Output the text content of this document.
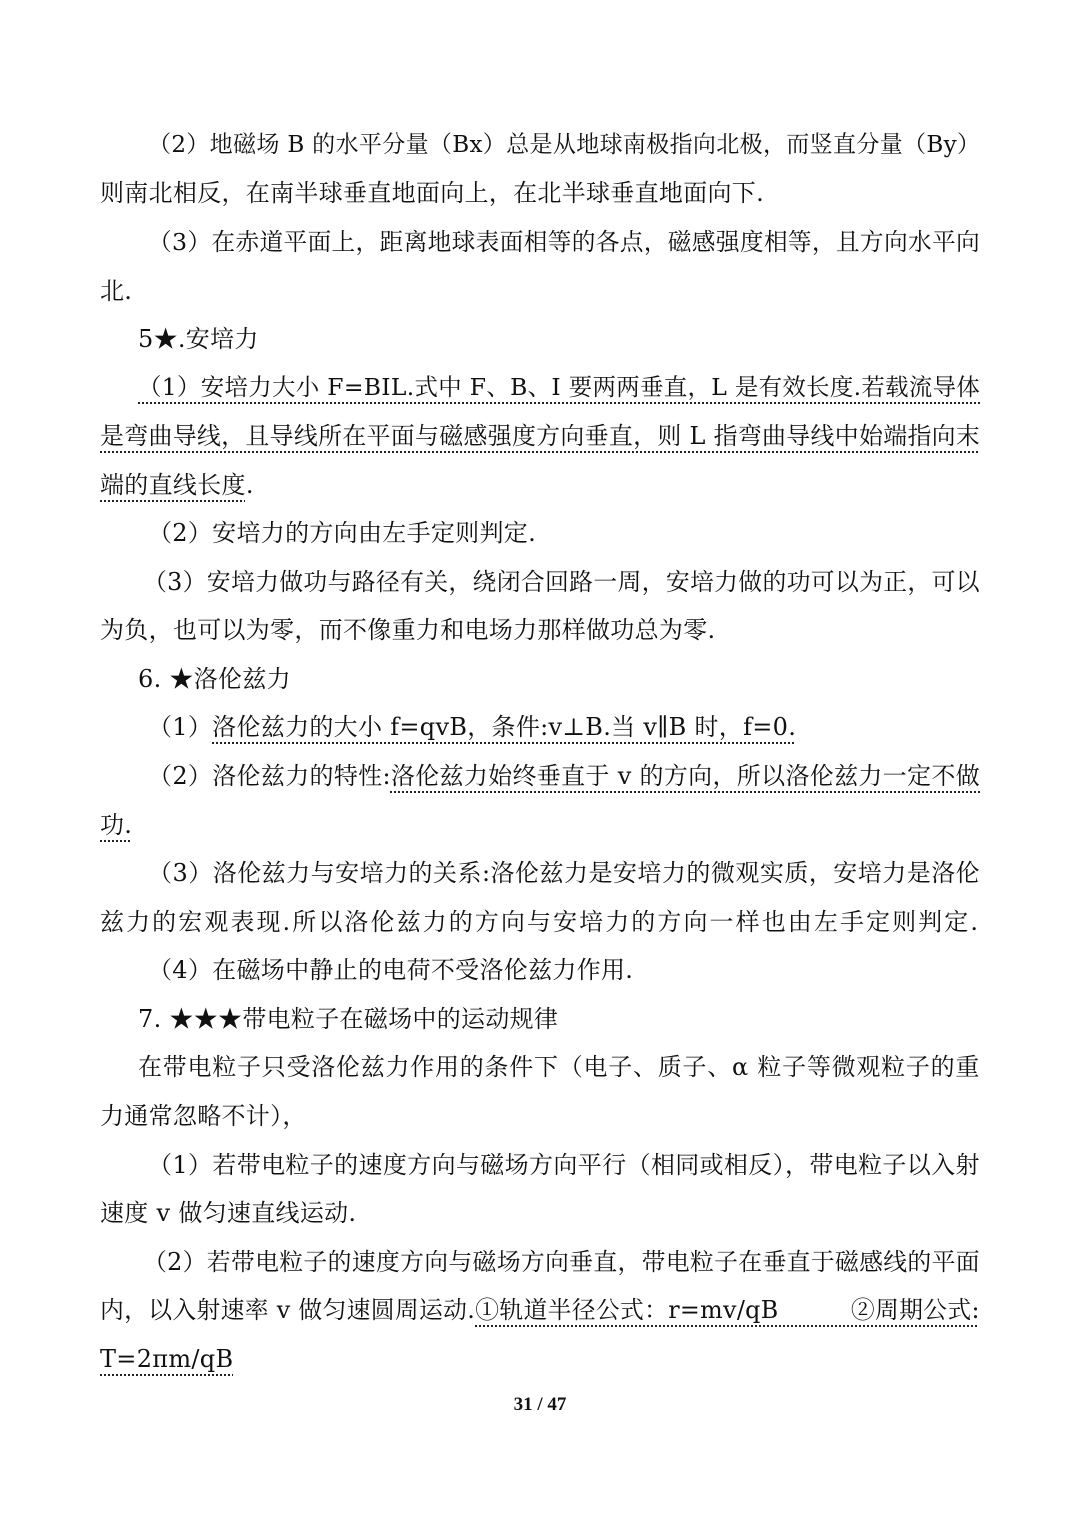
（2）地磁场 B 的水平分量（Bx）总是从地球南极指向北极，而竖直分量（By）
则南北相反，在南半球垂直地面向上，在北半球垂直地面向下.
（3）在赤道平面上，距离地球表面相等的各点，磁感强度相等，且方向水平向
北.
5★.安培力
（1）安培力大小 F=BIL.式中 F、B、I 要两两垂直，L 是有效长度.若载流导体
是弯曲导线，且导线所在平面与磁感强度方向垂直，则 L 指弯曲导线中始端指向末
端的直线长度.
（2）安培力的方向由左手定则判定.
（3）安培力做功与路径有关，绕闭合回路一周，安培力做的功可以为正，可以
为负，也可以为零，而不像重力和电场力那样做功总为零.
6. ★洛伦兹力
（1）洛伦兹力的大小 f=qvB，条件:v⊥B.当 v∥B 时，f=0.
（2）洛伦兹力的特性:洛伦兹力始终垂直于 v 的方向，所以洛伦兹力一定不做
功.
（3）洛伦兹力与安培力的关系:洛伦兹力是安培力的微观实质，安培力是洛伦
兹力的宏观表现.所以洛伦兹力的方向与安培力的方向一样也由左手定则判定.
（4）在磁场中静止的电荷不受洛伦兹力作用.
7. ★★★带电粒子在磁场中的运动规律
在带电粒子只受洛伦兹力作用的条件下（电子、质子、α 粒子等微观粒子的重
力通常忽略不计），
（1）若带电粒子的速度方向与磁场方向平行（相同或相反），带电粒子以入射
速度 v 做匀速直线运动.
（2）若带电粒子的速度方向与磁场方向垂直，带电粒子在垂直于磁感线的平面
内，以入射速率 v 做匀速圆周运动.①轨道半径公式：r=mv/qB　　　②周期公式:
T=2πm/qB
31 / 47
